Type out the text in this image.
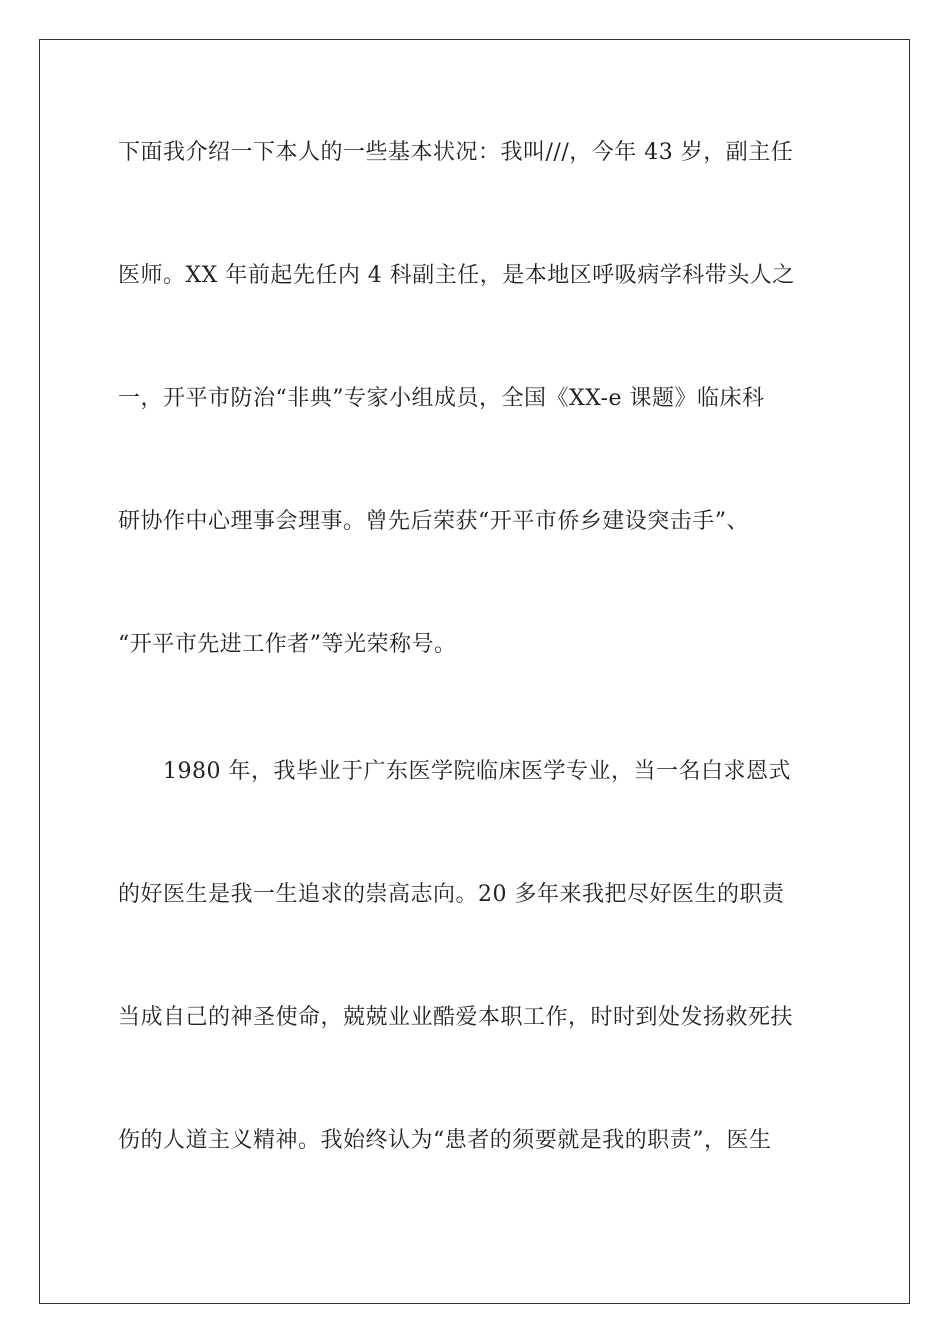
下面我介绍一下本人的一些基本状况：我叫///，今年 43 岁，副主任
医师。XX 年前起先任内 4 科副主任，是本地区呼吸病学科带头人之
一，开平市防治“非典”专家小组成员，全国《XX-e 课题》临床科
研协作中心理事会理事。曾先后荣获“开平市侨乡建设突击手”、
“开平市先进工作者”等光荣称号。
1980 年，我毕业于广东医学院临床医学专业，当一名白求恩式
的好医生是我一生追求的崇高志向。20 多年来我把尽好医生的职责
当成自己的神圣使命，兢兢业业酷爱本职工作，时时到处发扬救死扶
伤的人道主义精神。我始终认为“患者的须要就是我的职责”，医生
